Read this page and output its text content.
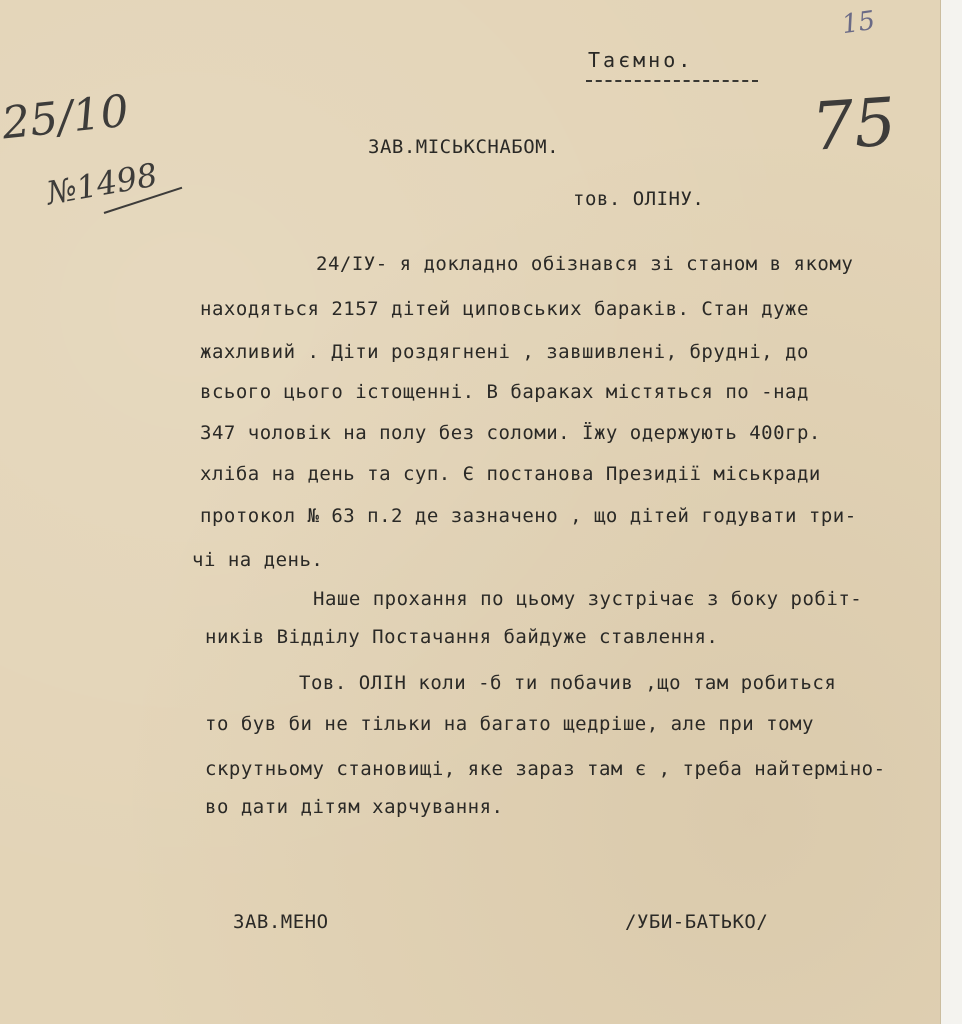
15
25/10
№1498
75

Таємно.

ЗАВ.МІСЬКСНАБОМ.

тов. ОЛІНУ.

24/ІУ- я докладно обізнався зі станом в якому

находяться 2157 дітей циповських бараків. Стан дуже

жахливий . Діти роздягнені , завшивлені, брудні, до

всього цього істощенні. В бараках містяться по -над

347 чоловік на полу без соломи. Їжу одержують 400гр.

хліба на день та суп. Є постанова Президії міськради

протокол № 63 п.2 де зазначено , що дітей годувати три-

чі на день.

Наше прохання по цьому зустрічає з боку робіт-

ників Відділу Постачання байдуже ставлення.

Тов. ОЛІН коли -б ти побачив ,що там робиться

то був би не тільки на багато щедріше, але при тому

скрутньому становищі, яке зараз там є , треба найтерміно-

во дати дітям харчування.

ЗАВ.МЕНО	/УБИ-БАТЬКО/
